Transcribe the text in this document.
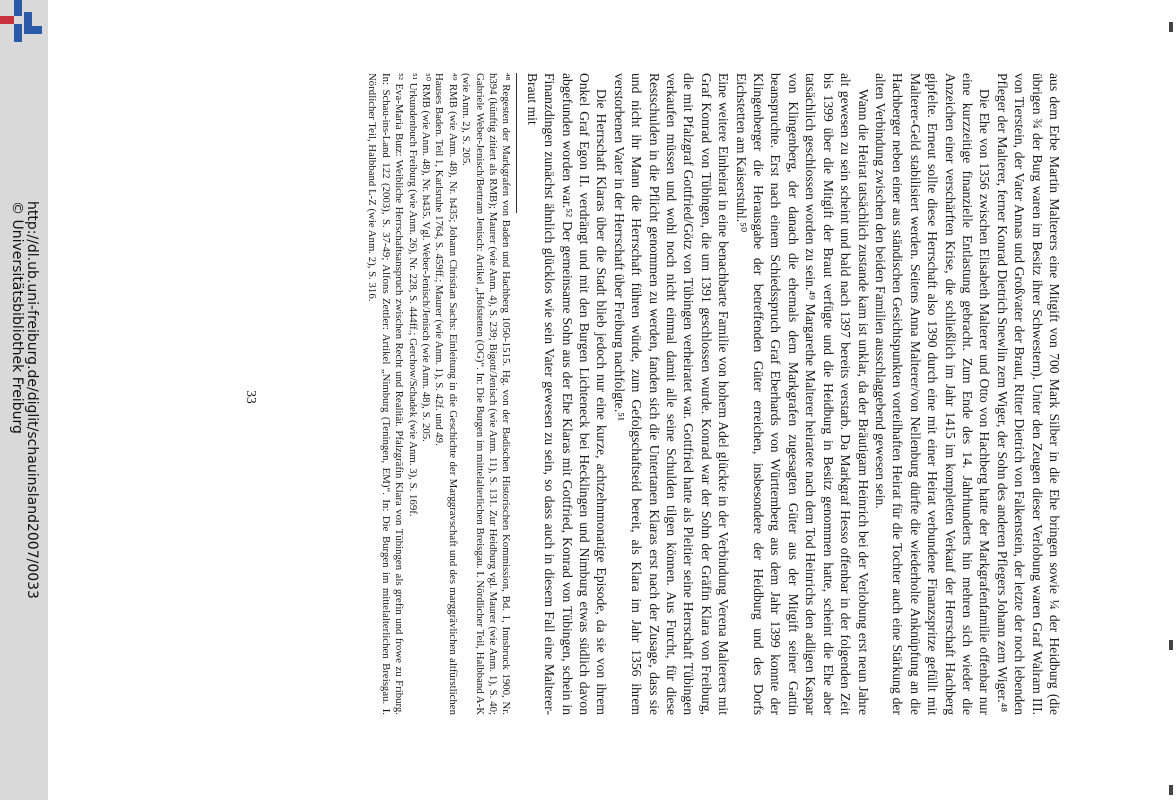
http://dl.ub.uni-freiburg.de/diglit/schauinsland2007/0033
© Universitätsbibliothek Freiburg	aus dem Erbe Martin Malterers eine Mitgift von 700 Mark Silber in die Ehe bringen sowie ¼ der Heidburg (die übrigen ¾ der Burg waren im Besitz ihrer Schwestern). Unter den Zeugen dieser Verlobung waren Graf Walram III. von Tierstein, der Vater Annas und Großvater der Braut, Ritter Dietrich von Falkenstein, der letzte der noch lebenden Pfleger der Malterer, ferner Konrad Dietrich Snewlin zem Wiger, der Sohn des anderen Pflegers Johann zem Wiger.⁴⁸

Die Ehe von 1356 zwischen Elisabeth Malterer und Otto von Hachberg hatte der Markgrafenfamilie offenbar nur eine kurzzeitige finanzielle Entlastung gebracht. Zum Ende des 14. Jahrhunderts hin mehren sich wieder die Anzeichen einer verschärften Krise, die schließlich im Jahr 1415 im kompletten Verkauf der Herrschaft Hachberg gipfelte. Erneut sollte diese Herrschaft also 1390 durch eine mit einer Heirat verbundene Finanzspritze gefüllt mit Malterer-Geld stabilisiert werden. Seitens Anna Malterer/von Nellenburg dürfte die wiederholte Anknüpfung an die Hachberger neben einer aus ständischen Gesichtspunkten vorteilhaften Heirat für die Tochter auch eine Stärkung der alten Verbindung zwischen den beiden Familien ausschlaggebend gewesen sein.

Wann die Heirat tatsächlich zustande kam ist unklar, da der Bräutigam Heinrich bei der Verlobung erst neun Jahre alt gewesen zu sein scheint und bald nach 1397 bereits verstarb. Da Markgraf Hesso offenbar in der folgenden Zeit bis 1399 über die Mitgift der Braut verfügte und die Heidburg in Besitz genommen hatte, scheint die Ehe aber tatsächlich geschlossen worden zu sein.⁴⁹ Margarethe Malterer heiratete nach dem Tod Heinrichs den adligen Kaspar von Klingenberg, der danach die ehemals dem Markgrafen zugesagten Güter aus der Mitgift seiner Gattin beanspruchte. Erst nach einem Schiedsspruch Graf Eberhards von Württemberg aus dem Jahr 1399 konnte der Klingenberger die Herausgabe der betreffenden Güter erreichen, insbesondere der Heidburg und des Dorfs Eichstetten am Kaiserstuhl.⁵⁰

Eine weitere Einheirat in eine benachbarte Familie von hohem Adel glückte in der Verbindung Verena Malterers mit Graf Konrad von Tübingen, die um 1391 geschlossen wurde. Konrad war der Sohn der Gräfin Klara von Freiburg, die mit Pfalzgraf Gottfried/Götz von Tübingen verheiratet war. Gottfried hatte als Pleitier seine Herrschaft Tübingen verkaufen müssen und wohl noch nicht einmal damit alle seine Schulden tilgen können. Aus Furcht, für diese Restschulden in die Pflicht genommen zu werden, fanden sich die Untertanen Klaras erst nach der Zusage, dass sie und nicht ihr Mann die Herrschaft führen würde, zum Gefolgschaftseid bereit, als Klara im Jahr 1356 ihrem verstorbenen Vater in der Herrschaft über Freiburg nachfolgte.⁵¹

Die Herrschaft Klaras über die Stadt blieb jedoch nur eine kurze, achtzehnmonatige Episode, da sie von ihrem Onkel Graf Egon II. verdrängt und mit den Burgen Lichteneck bei Hecklingen und Nimburg etwas südlich davon abgefunden worden war.⁵² Der gemeinsame Sohn aus der Ehe Klaras mit Gottfried, Konrad von Tübingen, schein in Finanzdingen zunächst ähnlich glücklos wie sein Vater gewesen zu sein, so dass auch in diesem Fall eine Malterer-Braut mit

⁴⁸ Regesten der Markgrafen von Baden und Hachberg 1050-1515. Hg. von der Badischen Historischen Kommission, Bd. 1, Innsbruck 1900, Nr. h394 (künftig zitiert als RMB); Maurer (wie Anm. 4), S. 239; Bigott/Jenisch (wie Anm. 11), S. 131. Zur Heidburg vgl. Maurer (wie Anm. 1), S. 40; Gabriele Weber-Jenisch/Bertram Jenisch: Artikel „Hofstetten (OG)“. In: Die Burgen im mittelalterlichen Breisgau. I. Nördlicher Teil, Halbband A-K (wie Anm. 2), S. 205.

⁴⁹ RMB (wie Anm. 48), Nr. h435; Johann Christian Sachs: Einleitung in die Geschichte der Marggravschaft und des marggrävlichen altfürstlichen Hauses Baden. Teil 1, Karlsruhe 1764, S. 459ff.; Maurer (wie Anm. 1), S. 42f. und 49.

⁵⁰ RMB (wie Anm. 48), Nr. h435. Vgl. Weber-Jenisch/Jenisch (wie Anm. 48), S. 205.

⁵¹ Urkundenbuch Freiburg (wie Anm. 26), Nr. 228, S. 444ff.; Gerchow/Schadek (wie Anm. 3), S. 169f.

⁵² Eva-Maria Butz: Weibliche Herrschaftsanspruch zwischen Recht und Realität. Pfalzgräfin Klara von Tübingen als grefin und frowe zu Friburg. In: Schau-ins-Land 122 (2003), S. 37-49; Alfons Zettler: Artikel „Nimburg (Teningen, EM)“. In: Die Burgen im mittelalterlichen Breisgau. I. Nördlicher Teil, Halbband L-Z (wie Anm. 2), S. 316.

33
